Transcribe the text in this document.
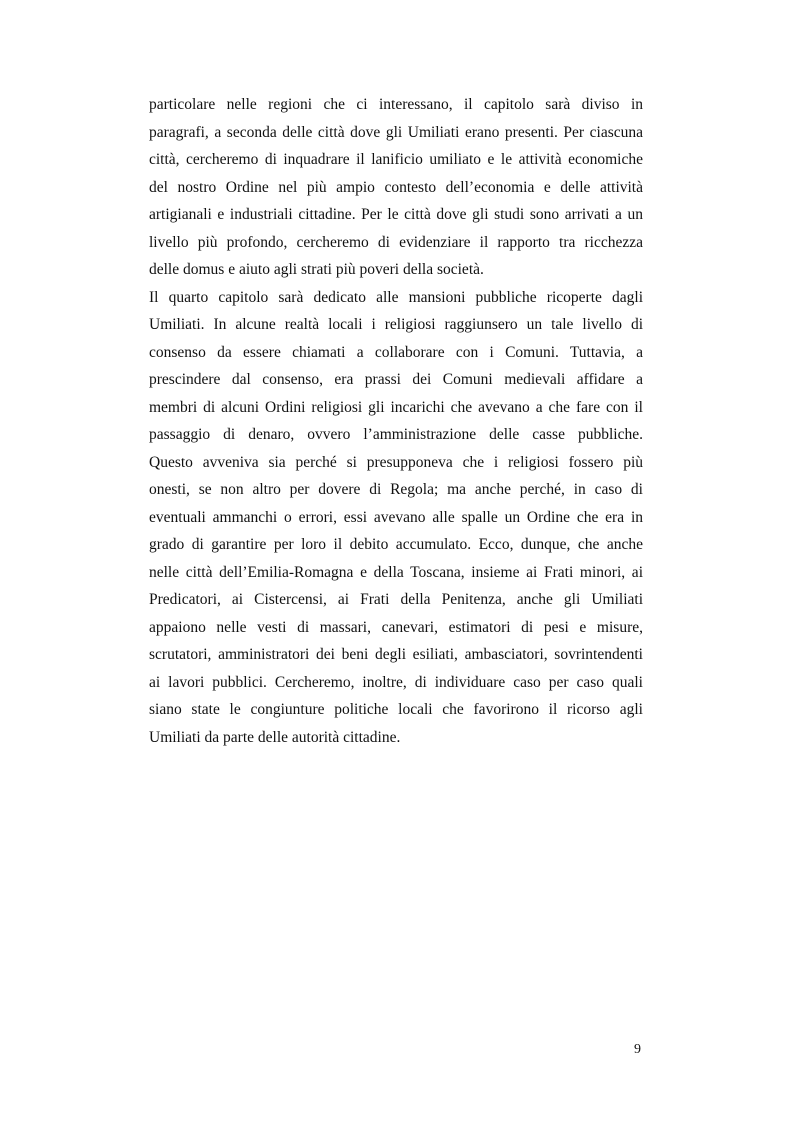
particolare nelle regioni che ci interessano, il capitolo sarà diviso in
paragrafi, a seconda delle città dove gli Umiliati erano presenti. Per ciascuna
città, cercheremo di inquadrare il lanificio umiliato e le attività economiche
del nostro Ordine nel più ampio contesto dell’economia e delle attività
artigianali e industriali cittadine. Per le città dove gli studi sono arrivati a un
livello più profondo, cercheremo di evidenziare il rapporto tra ricchezza
delle domus e aiuto agli strati più poveri della società.
Il quarto capitolo sarà dedicato alle mansioni pubbliche ricoperte dagli
Umiliati. In alcune realtà locali i religiosi raggiunsero un tale livello di
consenso da essere chiamati a collaborare con i Comuni. Tuttavia, a
prescindere dal consenso, era prassi dei Comuni medievali affidare a
membri di alcuni Ordini religiosi gli incarichi che avevano a che fare con il
passaggio di denaro, ovvero l’amministrazione delle casse pubbliche.
Questo avveniva sia perché si presupponeva che i religiosi fossero più
onesti, se non altro per dovere di Regola; ma anche perché, in caso di
eventuali ammanchi o errori, essi avevano alle spalle un Ordine che era in
grado di garantire per loro il debito accumulato. Ecco, dunque, che anche
nelle città dell’Emilia-Romagna e della Toscana, insieme ai Frati minori, ai
Predicatori, ai Cistercensi, ai Frati della Penitenza, anche gli Umiliati
appaiono nelle vesti di massari, canevari, estimatori di pesi e misure,
scrutatori, amministratori dei beni degli esiliati, ambasciatori, sovrintendenti
ai lavori pubblici. Cercheremo, inoltre, di individuare caso per caso quali
siano state le congiunture politiche locali che favorirono il ricorso agli
Umiliati da parte delle autorità cittadine.
9
